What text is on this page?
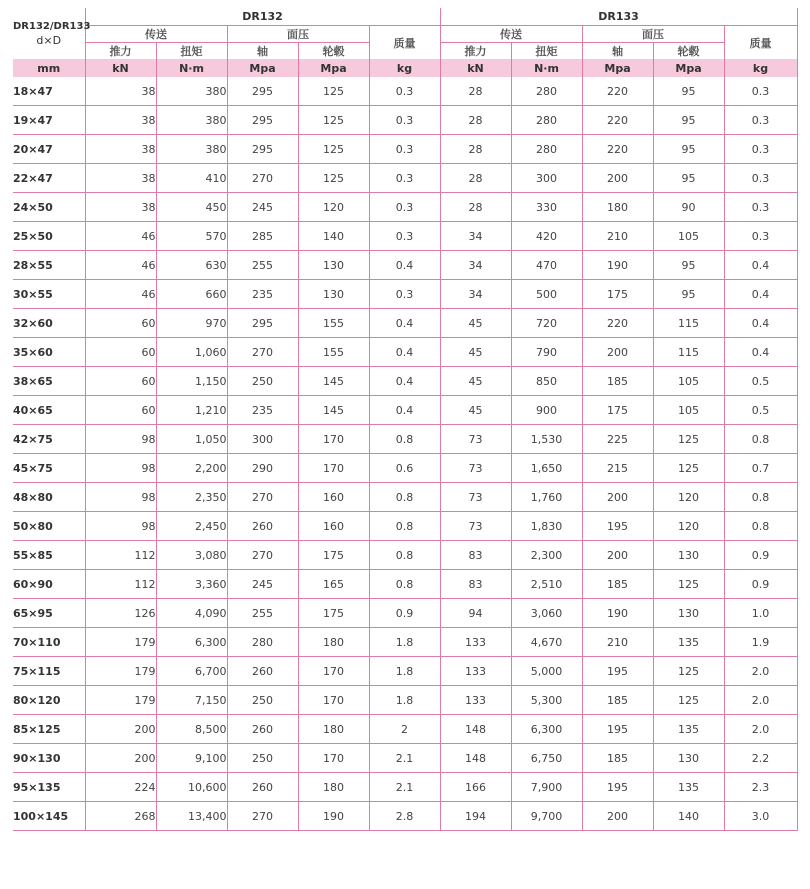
DR132/DR133
d×D	DR132					DR133				
	传送		面压		质量	传送		面压		质量
	推力	扭矩	轴	轮毂		推力	扭矩	轴	轮毂	
mm	kN	N·m	Mpa	Mpa	kg	kN	N·m	Mpa	Mpa	kg
18×47	38	380	295	125	0.3	28	280	220	95	0.3
19×47	38	380	295	125	0.3	28	280	220	95	0.3
20×47	38	380	295	125	0.3	28	280	220	95	0.3
22×47	38	410	270	125	0.3	28	300	200	95	0.3
24×50	38	450	245	120	0.3	28	330	180	90	0.3
25×50	46	570	285	140	0.3	34	420	210	105	0.3
28×55	46	630	255	130	0.4	34	470	190	95	0.4
30×55	46	660	235	130	0.3	34	500	175	95	0.4
32×60	60	970	295	155	0.4	45	720	220	115	0.4
35×60	60	1,060	270	155	0.4	45	790	200	115	0.4
38×65	60	1,150	250	145	0.4	45	850	185	105	0.5
40×65	60	1,210	235	145	0.4	45	900	175	105	0.5
42×75	98	1,050	300	170	0.8	73	1,530	225	125	0.8
45×75	98	2,200	290	170	0.6	73	1,650	215	125	0.7
48×80	98	2,350	270	160	0.8	73	1,760	200	120	0.8
50×80	98	2,450	260	160	0.8	73	1,830	195	120	0.8
55×85	112	3,080	270	175	0.8	83	2,300	200	130	0.9
60×90	112	3,360	245	165	0.8	83	2,510	185	125	0.9
65×95	126	4,090	255	175	0.9	94	3,060	190	130	1.0
70×110	179	6,300	280	180	1.8	133	4,670	210	135	1.9
75×115	179	6,700	260	170	1.8	133	5,000	195	125	2.0
80×120	179	7,150	250	170	1.8	133	5,300	185	125	2.0
85×125	200	8,500	260	180	2	148	6,300	195	135	2.0
90×130	200	9,100	250	170	2.1	148	6,750	185	130	2.2
95×135	224	10,600	260	180	2.1	166	7,900	195	135	2.3
100×145	268	13,400	270	190	2.8	194	9,700	200	140	3.0
